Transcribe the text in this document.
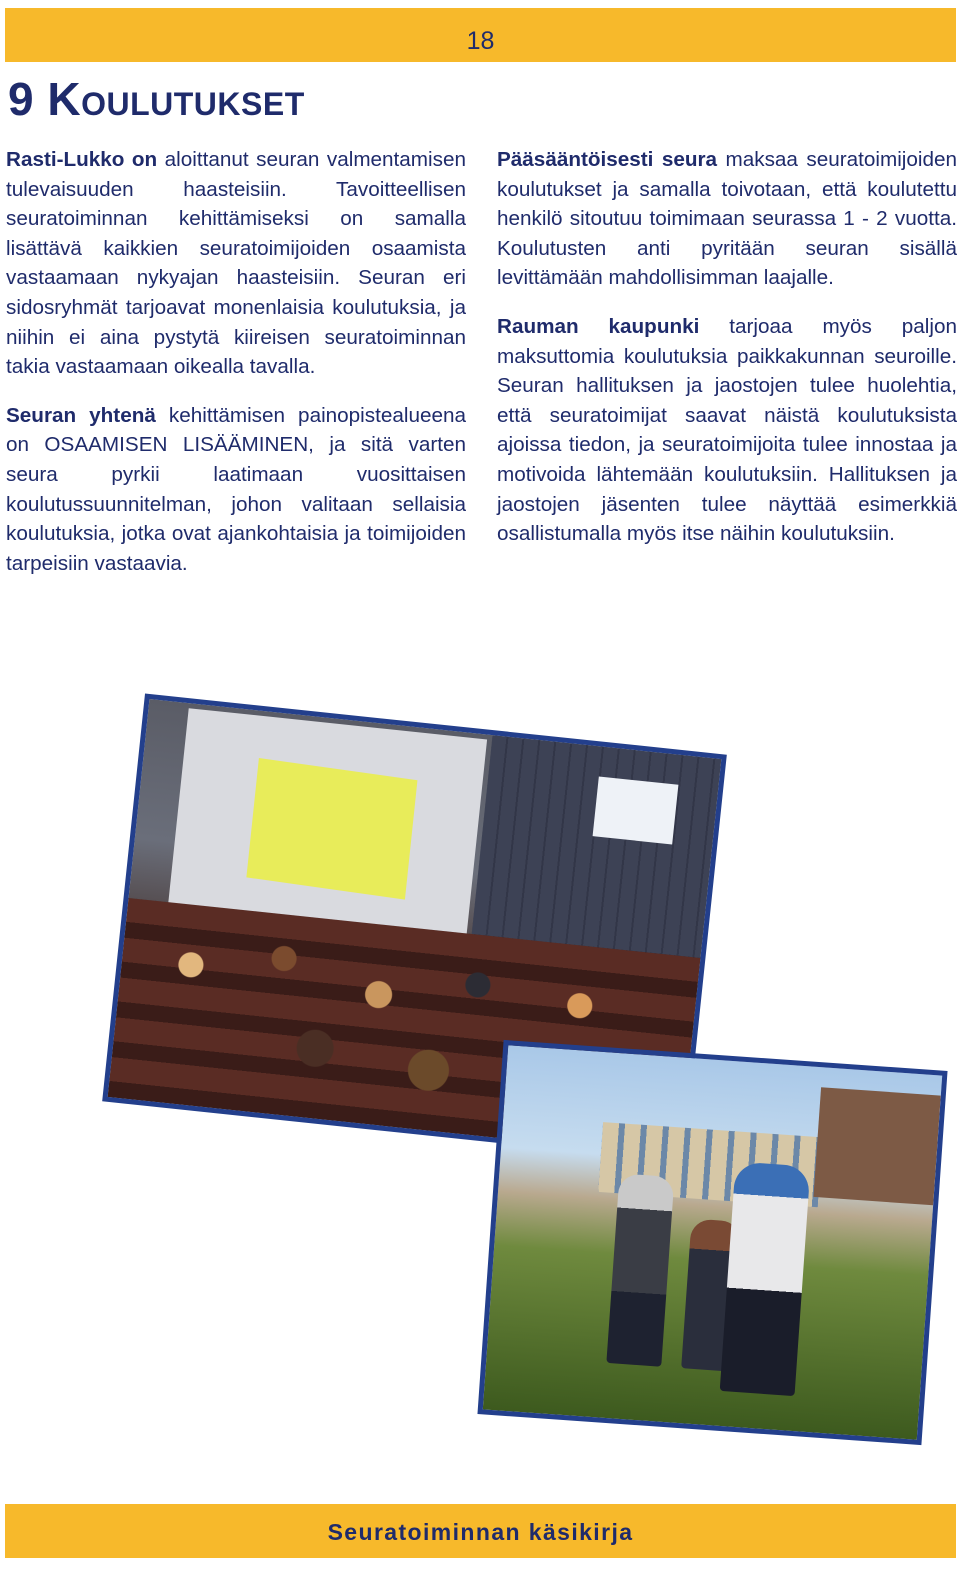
18
9 Koulutukset

Rasti-Lukko on aloittanut seuran valmentamisen tulevaisuuden haasteisiin. Tavoitteellisen seuratoiminnan kehittämiseksi on samalla lisättävä kaikkien seuratoimijoiden osaamista vastaamaan nykyajan haasteisiin. Seuran eri sidosryhmät tarjoavat monenlaisia koulutuksia, ja niihin ei aina pystytä kiireisen seuratoiminnan takia vastaamaan oikealla tavalla.

Seuran yhtenä kehittämisen painopistealueena on OSAAMISEN LISÄÄMINEN, ja sitä varten seura pyrkii laatimaan vuosittaisen koulutussuunnitelman, johon valitaan sellaisia koulutuksia, jotka ovat ajankohtaisia ja toimijoiden tarpeisiin vastaavia.

Pääsääntöisesti seura maksaa seuratoimijoiden koulutukset ja samalla toivotaan, että koulutettu henkilö sitoutuu toimimaan seurassa 1 - 2 vuotta. Koulutusten anti pyritään seuran sisällä levittämään mahdollisimman laajalle.

Rauman kaupunki tarjoaa myös paljon maksuttomia koulutuksia paikkakunnan seuroille. Seuran hallituksen ja jaostojen tulee huolehtia, että seuratoimijat saavat näistä koulutuksista ajoissa tiedon, ja seuratoimijoita tulee innostaa ja motivoida lähtemään koulutuksiin. Hallituksen ja jaostojen jäsenten tulee näyttää esimerkkiä osallistumalla myös itse näihin koulutuksiin.

Seuratoiminnan käsikirja
